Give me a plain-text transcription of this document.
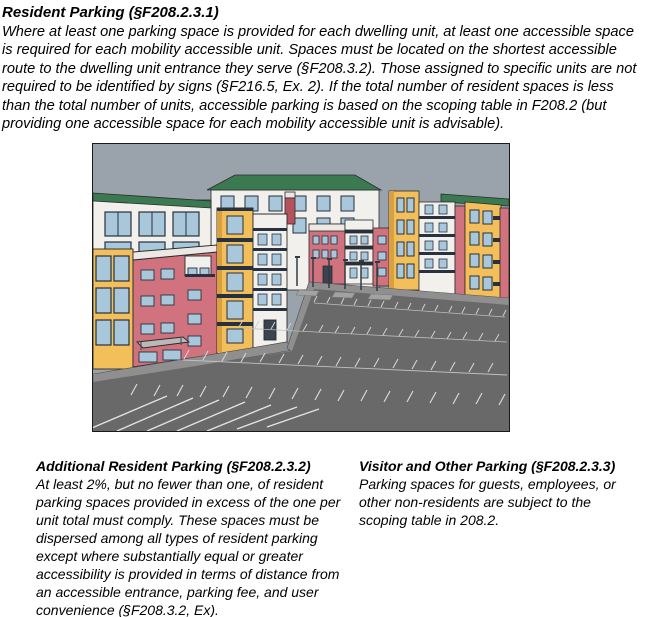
Resident Parking (§F208.2.3.1)
Where at least one parking space is provided for each dwelling unit, at least one accessible space is required for each mobility accessible unit. Spaces must be located on the shortest accessible route to the dwelling unit entrance they serve (§F208.3.2). Those assigned to specific units are not required to be identified by signs (§F216.5, Ex. 2). If the total number of resident spaces is less than the total number of units, accessible parking is based on the scoping table in F208.2 (but providing one accessible space for each mobility accessible unit is advisable).
Additional Resident Parking (§F208.2.3.2)

At least 2%, but no fewer than one, of resident parking spaces provided in excess of the one per unit total must comply. These spaces must be dispersed among all types of resident parking except where substantially equal or greater accessibility is provided in terms of distance from an accessible entrance, parking fee, and user convenience (§F208.3.2, Ex).

Visitor and Other Parking (§F208.2.3.3)

Parking spaces for guests, employees, or other non-residents are subject to the scoping table in 208.2.
